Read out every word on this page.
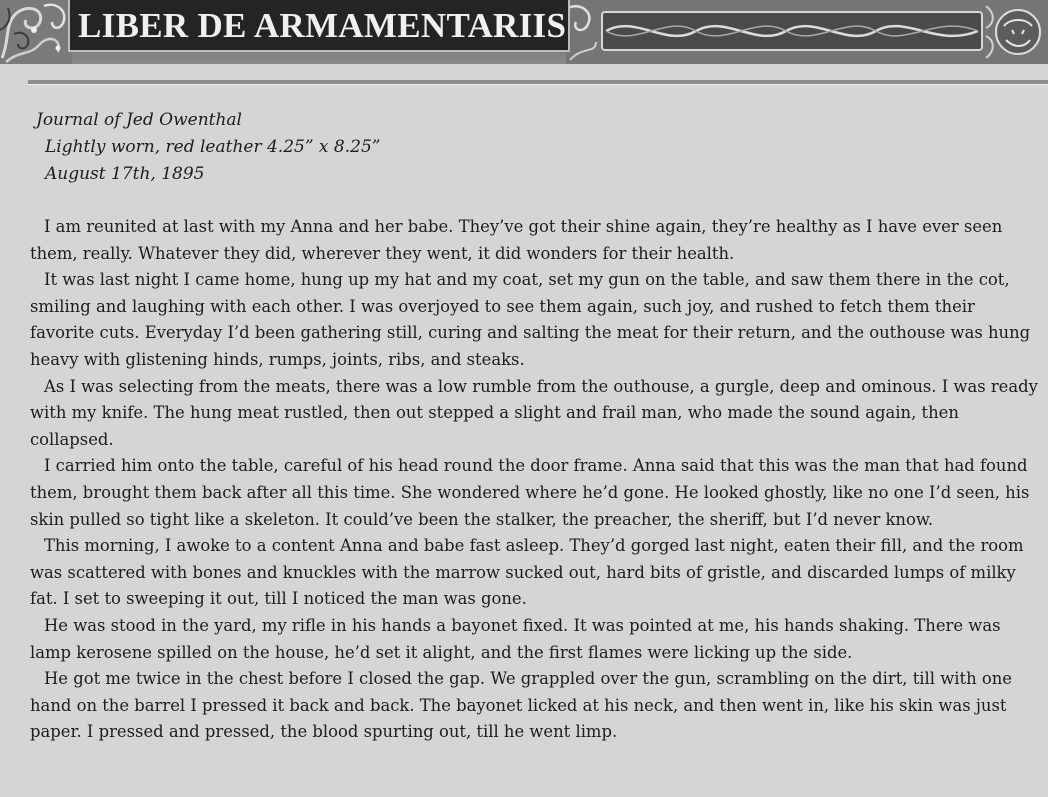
LIBER DE ARMAMENTARIIS
Journal of Jed Owenthal
Lightly worn, red leather 4.25” x 8.25”
August 17th, 1895

I am reunited at last with my Anna and her babe. They’ve got their shine again, they’re healthy as I have ever seen them, really. Whatever they did, wherever they went, it did wonders for their health.

It was last night I came home, hung up my hat and my coat, set my gun on the table, and saw them there in the cot, smiling and laughing with each other. I was overjoyed to see them again, such joy, and rushed to fetch them their favorite cuts. Everyday I’d been gathering still, curing and salting the meat for their return, and the outhouse was hung heavy with glistening hinds, rumps, joints, ribs, and steaks.

As I was selecting from the meats, there was a low rumble from the outhouse, a gurgle, deep and ominous. I was ready with my knife. The hung meat rustled, then out stepped a slight and frail man, who made the sound again, then collapsed.

I carried him onto the table, careful of his head round the door frame. Anna said that this was the man that had found them, brought them back after all this time. She wondered where he’d gone. He looked ghostly, like no one I’d seen, his skin pulled so tight like a skeleton. It could’ve been the stalker, the preacher, the sheriff, but I’d never know.

This morning, I awoke to a content Anna and babe fast asleep. They’d gorged last night, eaten their fill, and the room was scattered with bones and knuckles with the marrow sucked out, hard bits of gristle, and discarded lumps of milky fat. I set to sweeping it out, till I noticed the man was gone.

He was stood in the yard, my rifle in his hands a bayonet fixed. It was pointed at me, his hands shaking. There was lamp kerosene spilled on the house, he’d set it alight, and the first flames were licking up the side.

He got me twice in the chest before I closed the gap. We grappled over the gun, scrambling on the dirt, till with one hand on the barrel I pressed it back and back. The bayonet licked at his neck, and then went in, like his skin was just paper. I pressed and pressed, the blood spurting out, till he went limp.
